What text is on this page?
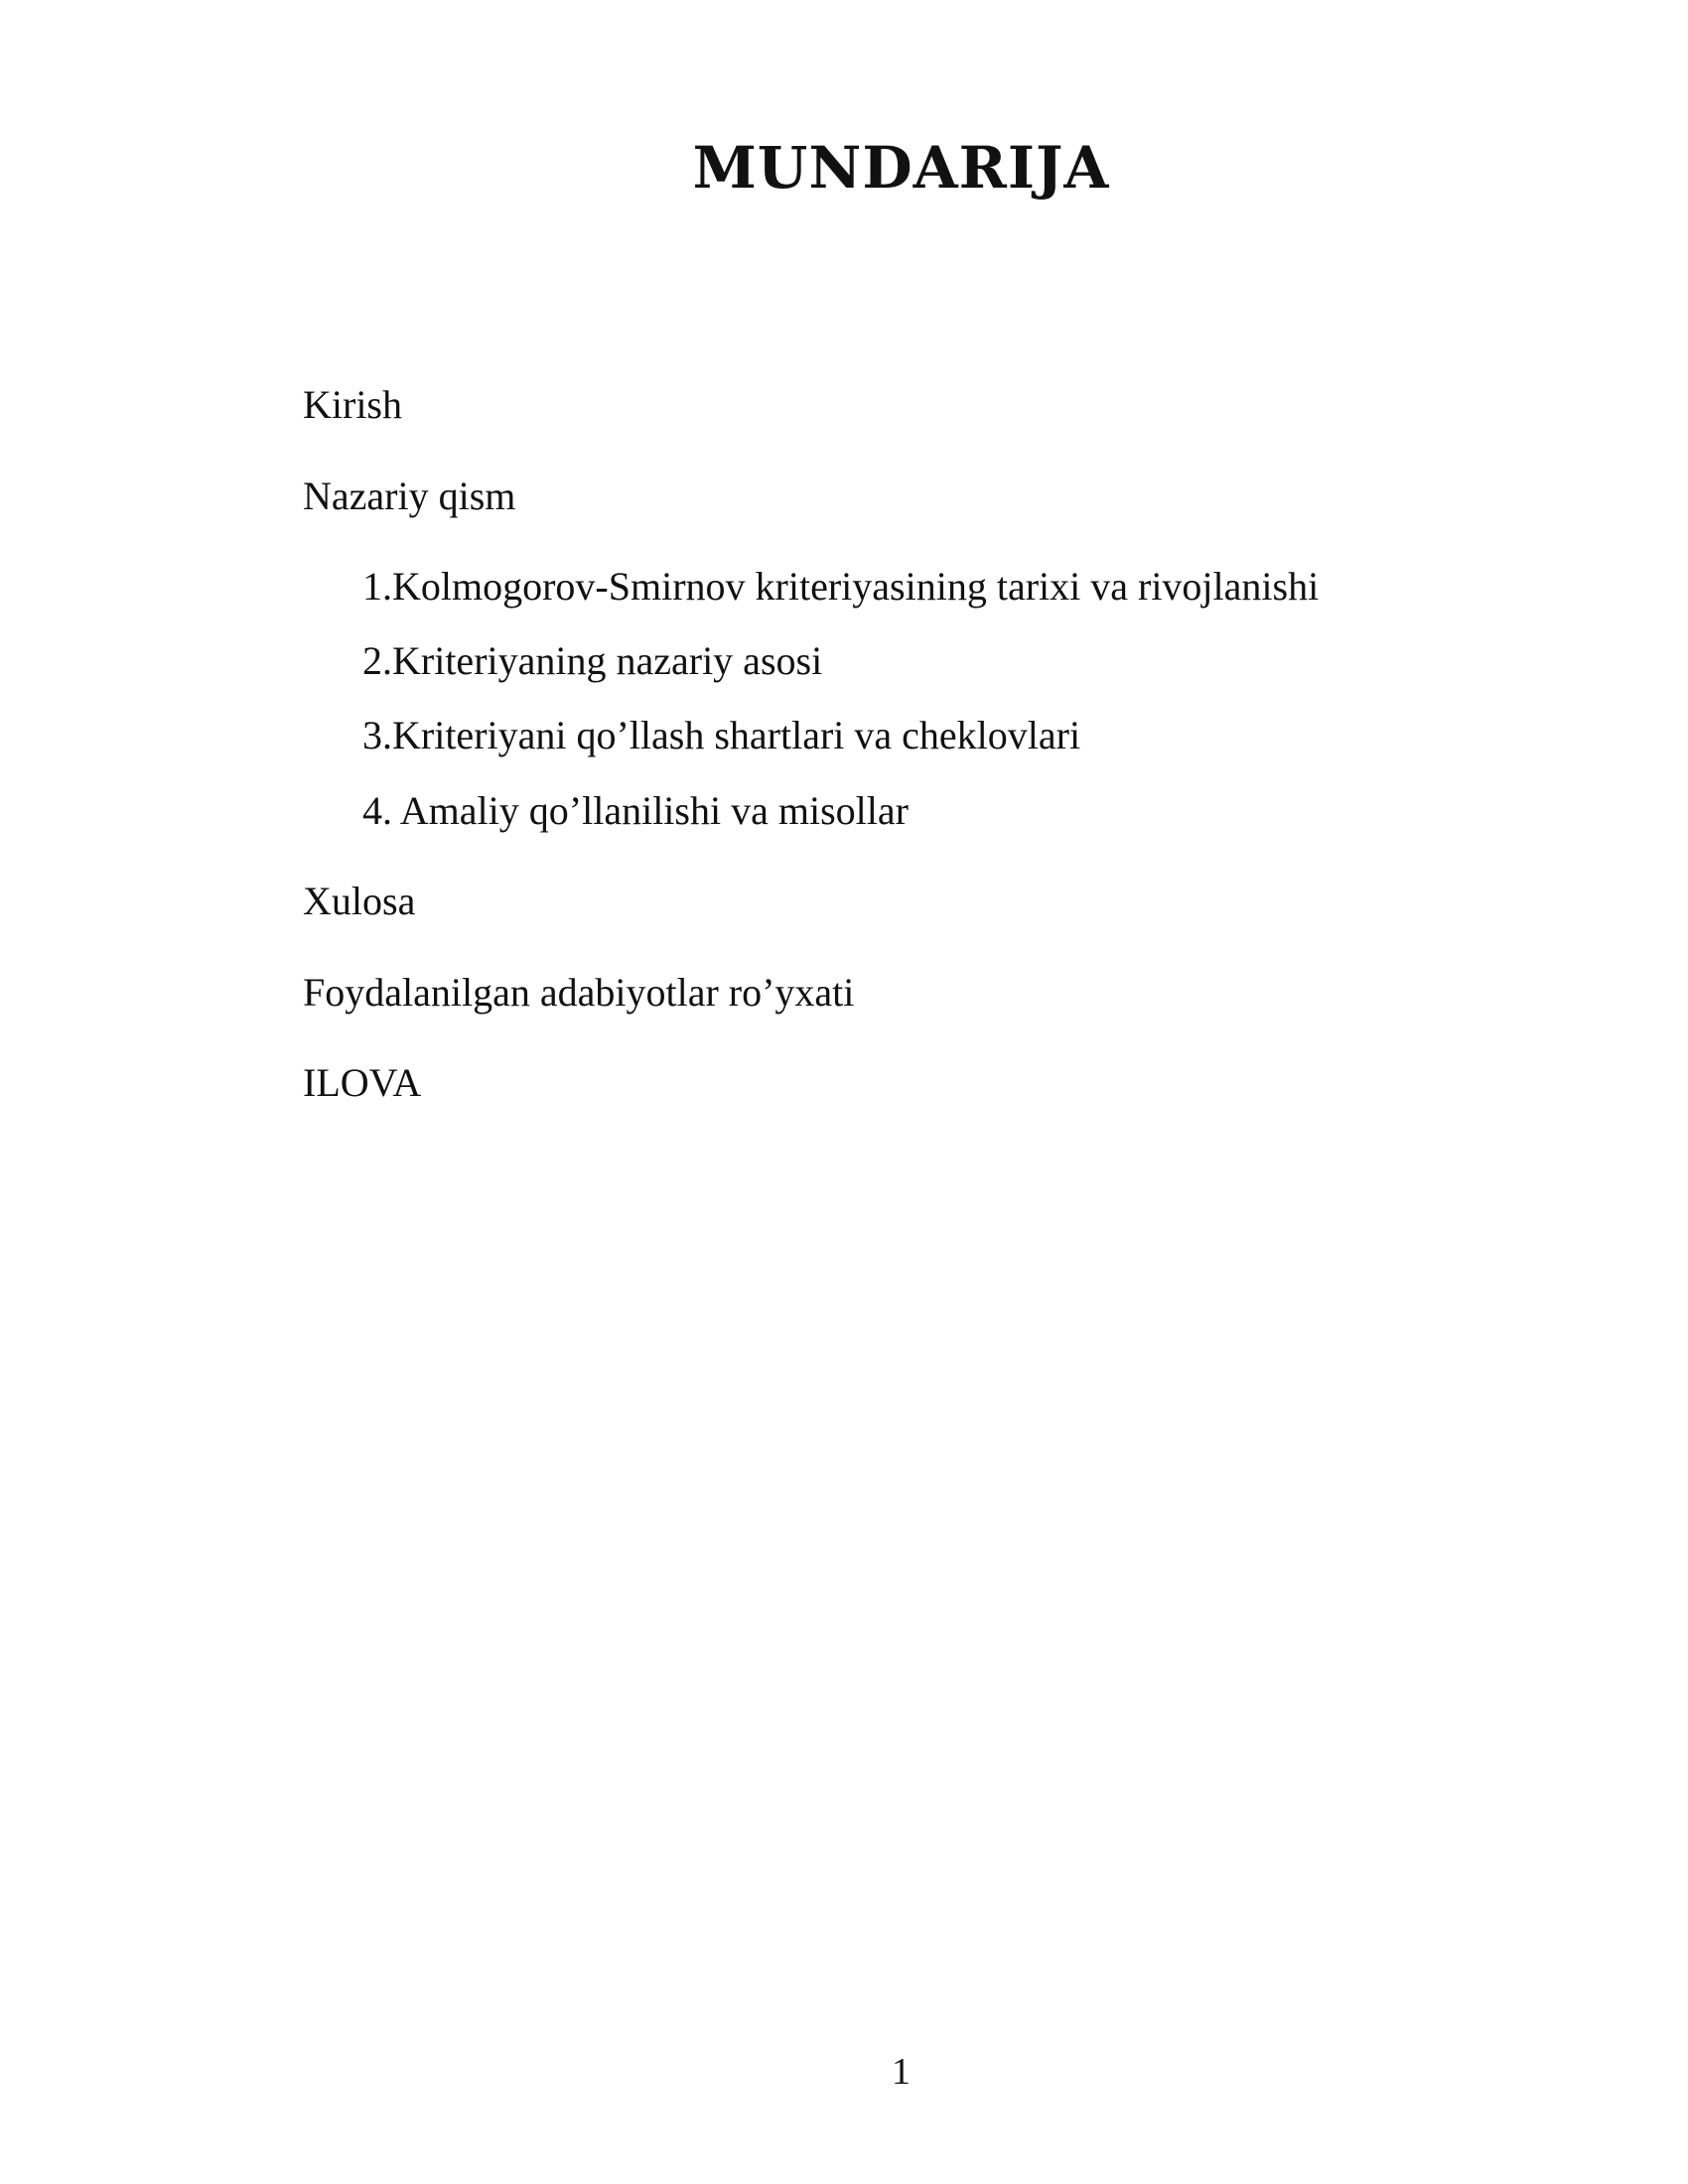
MUNDARIJA
Kirish
Nazariy qism
1.Kolmogorov-Smirnov kriteriyasining tarixi va rivojlanishi
2.Kriteriyaning nazariy asosi
3.Kriteriyani qo’llash shartlari va cheklovlari
4. Amaliy qo’llanilishi va misollar
Xulosa
Foydalanilgan adabiyotlar ro’yxati
ILOVA
1
